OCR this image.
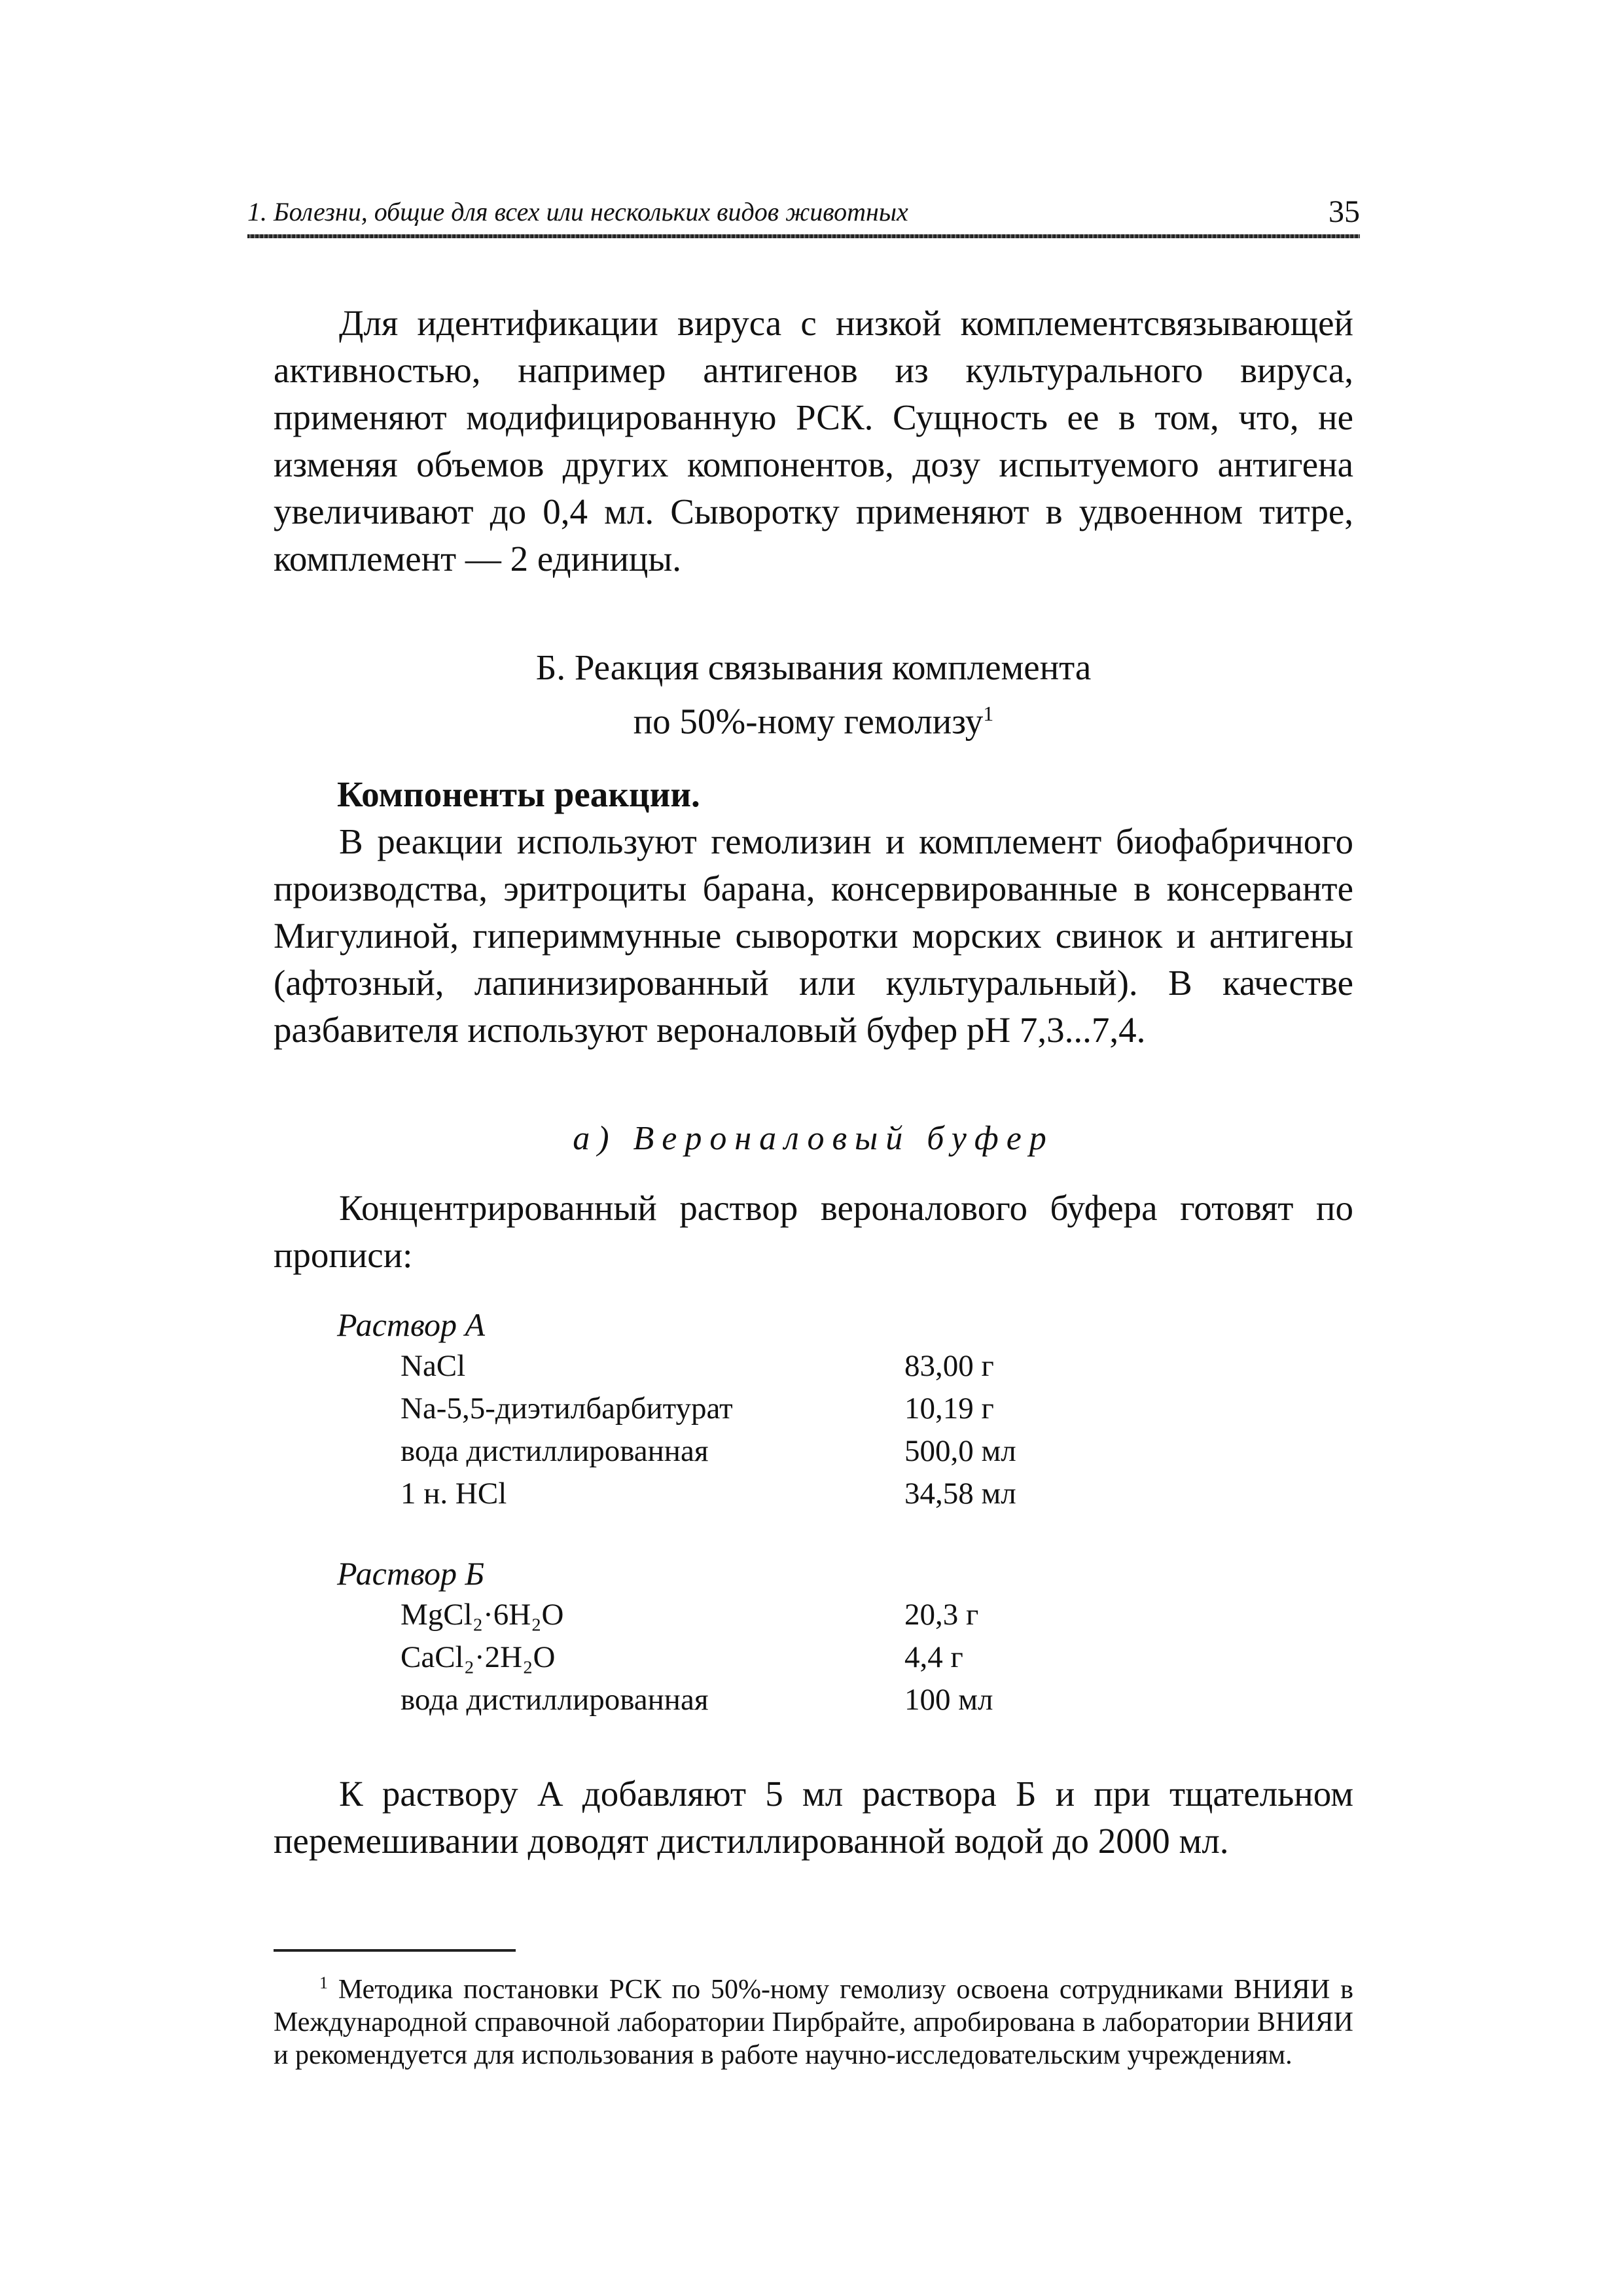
1. Болезни, общие для всех или нескольких видов животных	35

Для идентификации вируса с низкой комплементсвязывающей активностью, например антигенов из культурального вируса, применяют модифицированную РСК. Сущность ее в том, что, не изменяя объемов других компонентов, дозу испытуемого антигена увеличивают до 0,4 мл. Сыворотку применяют в удвоенном титре, комплемент — 2 единицы.

Б. Реакция связывания комплемента
по 50%-ному гемолизу$^1$
Компоненты реакции.

В реакции используют гемолизин и комплемент биофабричного производства, эритроциты барана, консервированные в консерванте Мигулиной, гипериммунные сыворотки морских свинок и антигены (афтозный, лапинизированный или культуральный). В качестве разбавителя используют вероналовый буфер рН 7,3...7,4.

а) Вероналовый буфер

Концентрированный раствор вероналового буфера готовят по прописи:

Раствор А
NaCl	83,00 г
Na-5,5-диэтилбарбитурат	10,19 г
вода дистиллированная	500,0 мл
1 н. HCl	34,58 мл
Раствор Б
MgCl₂·6H₂O	20,3 г
CaCl₂·2H₂O	4,4 г
вода дистиллированная	100 мл

К раствору А добавляют 5 мл раствора Б и при тщательном перемешивании доводят дистиллированной водой до 2000 мл.

$^1$ Методика постановки РСК по 50%-ному гемолизу освоена сотрудниками ВНИЯИ в Международной справочной лаборатории Пирбрайте, апробирована в лаборатории ВНИЯИ и рекомендуется для использования в работе научно-исследовательским учреждениям.
